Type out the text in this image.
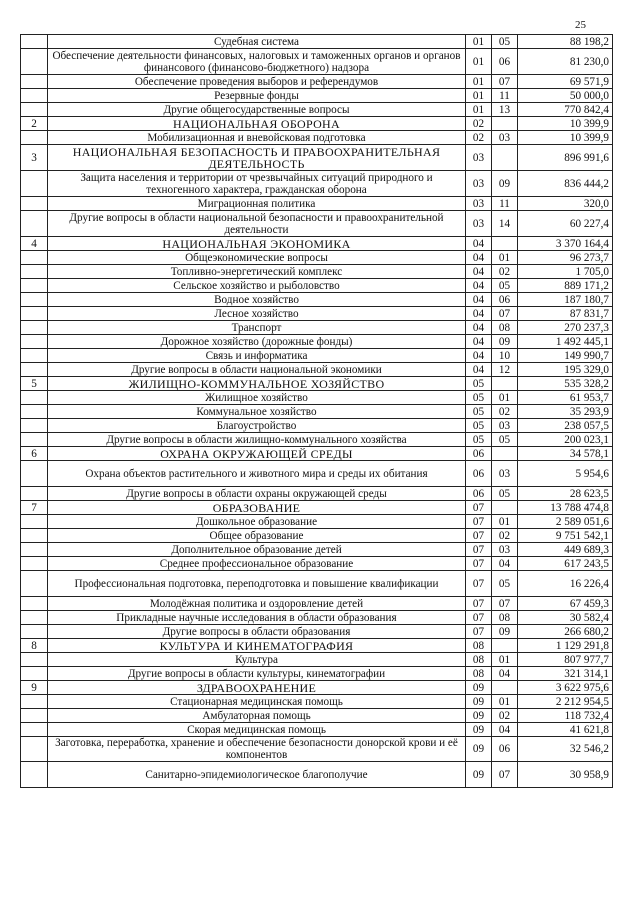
25
	Судебная система	01	05	88 198,2
	Обеспечение деятельности финансовых, налоговых и таможенных органов и органов финансового (финансово-бюджетного) надзора	01	06	81 230,0
	Обеспечение проведения выборов и референдумов	01	07	69 571,9
	Резервные фонды	01	11	50 000,0
	Другие общегосударственные вопросы	01	13	770 842,4
2	НАЦИОНАЛЬНАЯ ОБОРОНА	02		10 399,9
	Мобилизационная и вневойсковая подготовка	02	03	10 399,9
3	НАЦИОНАЛЬНАЯ БЕЗОПАСНОСТЬ И ПРАВООХРАНИТЕЛЬНАЯ ДЕЯТЕЛЬНОСТЬ	03		896 991,6
	Защита населения и территории от чрезвычайных ситуаций природного и техногенного характера, гражданская оборона	03	09	836 444,2
	Миграционная политика	03	11	320,0
	Другие вопросы в области национальной безопасности и правоохранительной деятельности	03	14	60 227,4
4	НАЦИОНАЛЬНАЯ ЭКОНОМИКА	04		3 370 164,4
	Общеэкономические вопросы	04	01	96 273,7
	Топливно-энергетический комплекс	04	02	1 705,0
	Сельское хозяйство и рыболовство	04	05	889 171,2
	Водное хозяйство	04	06	187 180,7
	Лесное хозяйство	04	07	87 831,7
	Транспорт	04	08	270 237,3
	Дорожное хозяйство (дорожные фонды)	04	09	1 492 445,1
	Связь и информатика	04	10	149 990,7
	Другие вопросы в области национальной экономики	04	12	195 329,0
5	ЖИЛИЩНО-КОММУНАЛЬНОЕ ХОЗЯЙСТВО	05		535 328,2
	Жилищное хозяйство	05	01	61 953,7
	Коммунальное хозяйство	05	02	35 293,9
	Благоустройство	05	03	238 057,5
	Другие вопросы в области жилищно-коммунального хозяйства	05	05	200 023,1
6	ОХРАНА ОКРУЖАЮЩЕЙ СРЕДЫ	06		34 578,1
	Охрана объектов растительного и животного мира и среды их обитания	06	03	5 954,6
	Другие вопросы в области охраны окружающей среды	06	05	28 623,5
7	ОБРАЗОВАНИЕ	07		13 788 474,8
	Дошкольное образование	07	01	2 589 051,6
	Общее образование	07	02	9 751 542,1
	Дополнительное образование детей	07	03	449 689,3
	Среднее профессиональное образование	07	04	617 243,5
	Профессиональная подготовка, переподготовка и повышение квалификации	07	05	16 226,4
	Молодёжная политика и оздоровление детей	07	07	67 459,3
	Прикладные научные исследования в области образования	07	08	30 582,4
	Другие вопросы в области образования	07	09	266 680,2
8	КУЛЬТУРА И КИНЕМАТОГРАФИЯ	08		1 129 291,8
	Культура	08	01	807 977,7
	Другие вопросы в области культуры, кинематографии	08	04	321 314,1
9	ЗДРАВООХРАНЕНИЕ	09		3 622 975,6
	Стационарная медицинская помощь	09	01	2 212 954,5
	Амбулаторная помощь	09	02	118 732,4
	Скорая медицинская помощь	09	04	41 621,8
	Заготовка, переработка, хранение и обеспечение безопасности донорской крови и её компонентов	09	06	32 546,2
	Санитарно-эпидемиологическое благополучие	09	07	30 958,9
